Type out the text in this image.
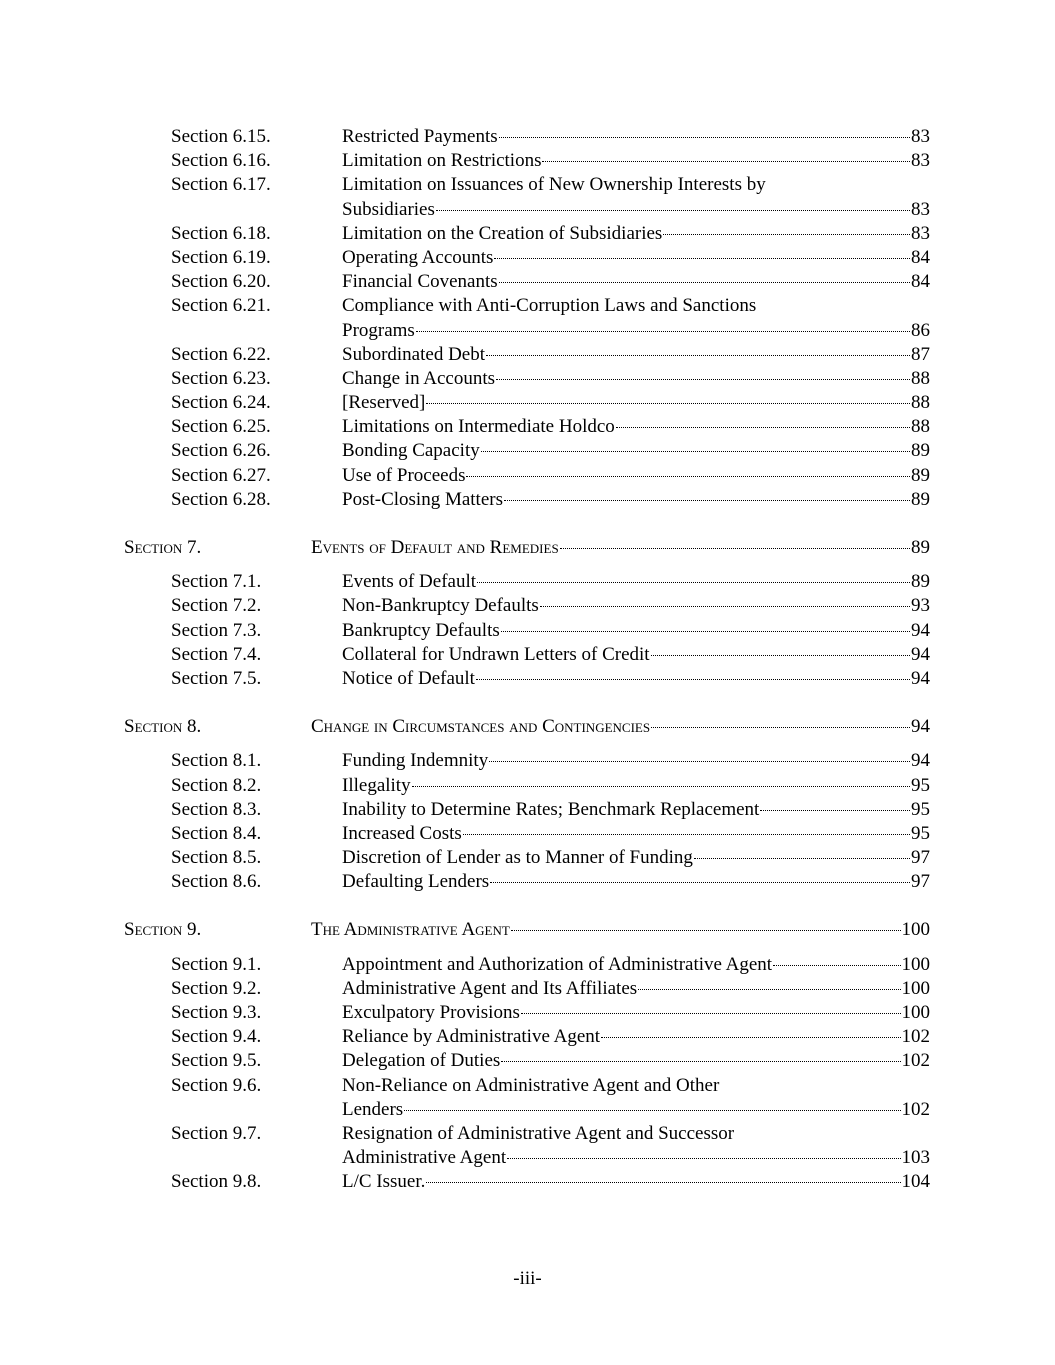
Section 6.15.	Restricted Payments	83
Section 6.16.	Limitation on Restrictions	83
Section 6.17.	Limitation on Issuances of New Ownership Interests by
Subsidiaries	83
Section 6.18.	Limitation on the Creation of Subsidiaries	83
Section 6.19.	Operating Accounts	84
Section 6.20.	Financial Covenants	84
Section 6.21.	Compliance with Anti-Corruption Laws and Sanctions
Programs	86
Section 6.22.	Subordinated Debt	87
Section 6.23.	Change in Accounts	88
Section 6.24.	[Reserved]	88
Section 6.25.	Limitations on Intermediate Holdco	88
Section 6.26.	Bonding Capacity	89
Section 6.27.	Use of Proceeds	89
Section 6.28.	Post-Closing Matters	89
Section 7.	Events of Default and Remedies	89
Section 7.1.	Events of Default	89
Section 7.2.	Non-Bankruptcy Defaults	93
Section 7.3.	Bankruptcy Defaults	94
Section 7.4.	Collateral for Undrawn Letters of Credit	94
Section 7.5.	Notice of Default	94
Section 8.	Change in Circumstances and Contingencies	94
Section 8.1.	Funding Indemnity	94
Section 8.2.	Illegality	95
Section 8.3.	Inability to Determine Rates; Benchmark Replacement	95
Section 8.4.	Increased Costs	95
Section 8.5.	Discretion of Lender as to Manner of Funding	97
Section 8.6.	Defaulting Lenders	97
Section 9.	The Administrative Agent	100
Section 9.1.	Appointment and Authorization of Administrative Agent	100
Section 9.2.	Administrative Agent and Its Affiliates	100
Section 9.3.	Exculpatory Provisions	100
Section 9.4.	Reliance by Administrative Agent	102
Section 9.5.	Delegation of Duties	102
Section 9.6.	Non-Reliance on Administrative Agent and Other
Lenders	102
Section 9.7.	Resignation of Administrative Agent and Successor
Administrative Agent	103
Section 9.8.	L/C Issuer.	104
-iii-
